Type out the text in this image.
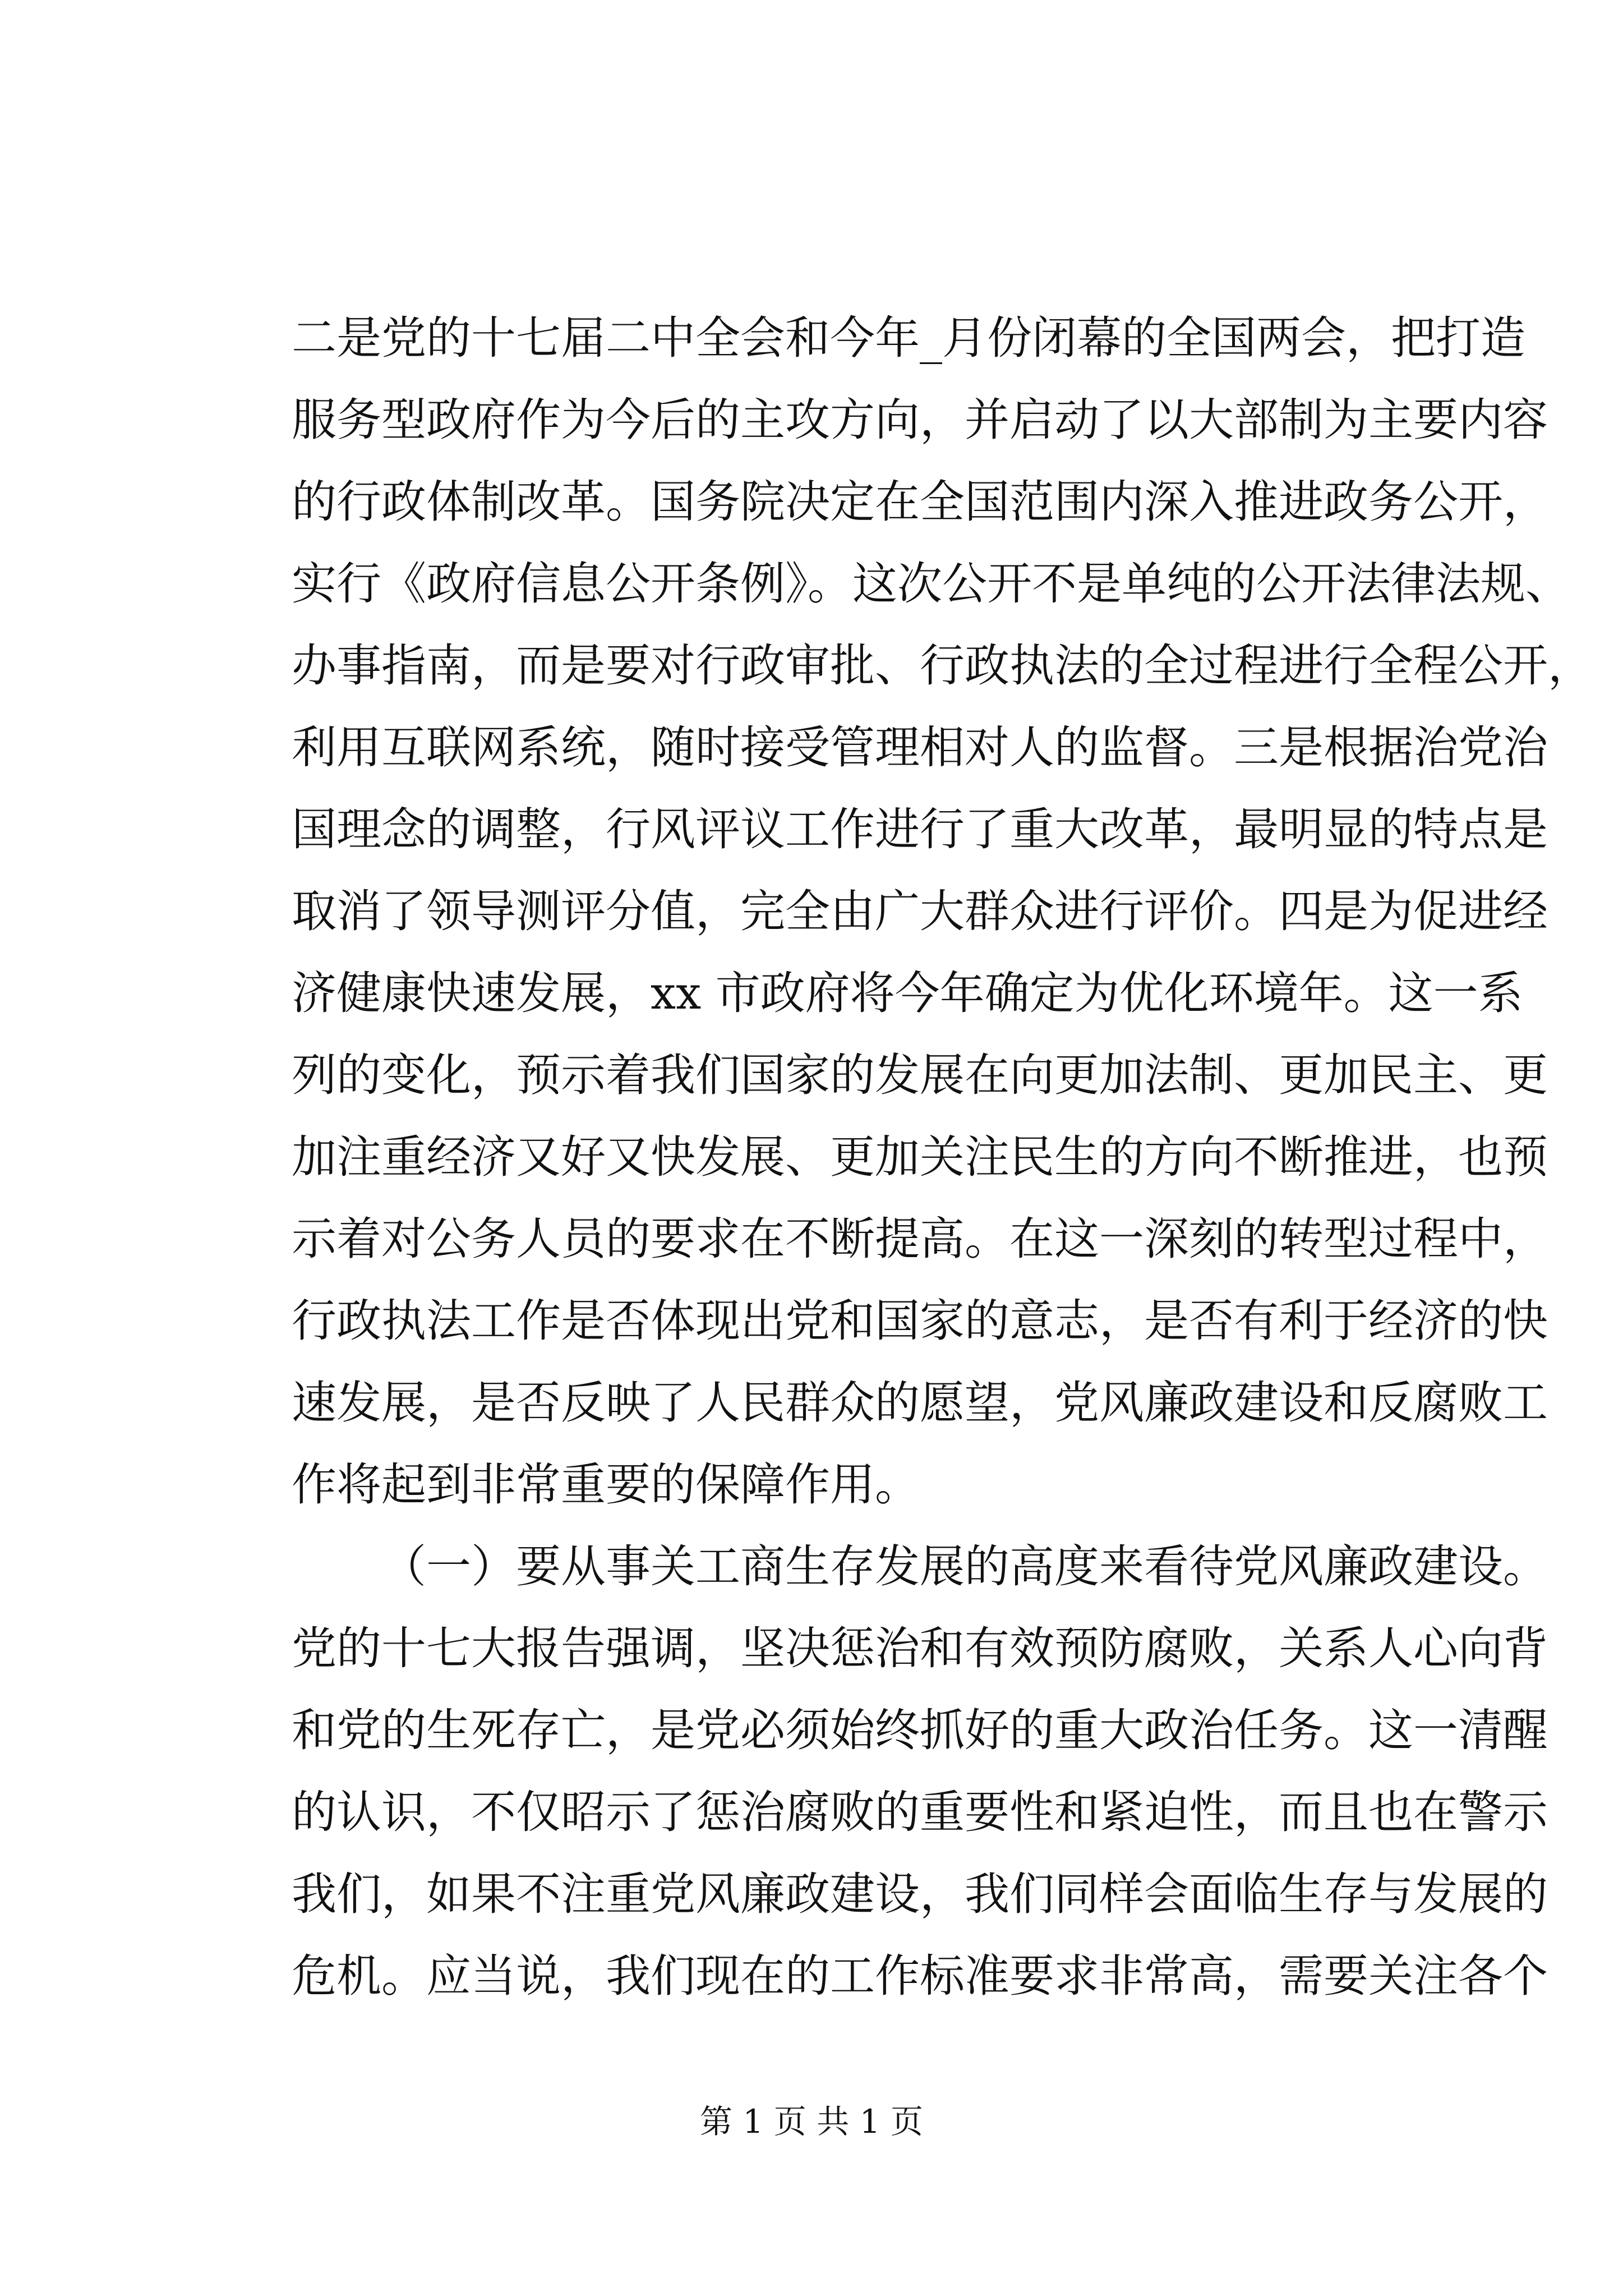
二是党的十七届二中全会和今年_月份闭幕的全国两会，把打造
服务型政府作为今后的主攻方向，并启动了以大部制为主要内容
的行政体制改革。国务院决定在全国范围内深入推进政务公开，
实行《政府信息公开条例》。这次公开不是单纯的公开法律法规、
办事指南，而是要对行政审批、行政执法的全过程进行全程公开，
利用互联网系统，随时接受管理相对人的监督。三是根据治党治
国理念的调整，行风评议工作进行了重大改革，最明显的特点是
取消了领导测评分值，完全由广大群众进行评价。四是为促进经
济健康快速发展，xx 市政府将今年确定为优化环境年。这一系
列的变化，预示着我们国家的发展在向更加法制、更加民主、更
加注重经济又好又快发展、更加关注民生的方向不断推进，也预
示着对公务人员的要求在不断提高。在这一深刻的转型过程中，
行政执法工作是否体现出党和国家的意志，是否有利于经济的快
速发展，是否反映了人民群众的愿望，党风廉政建设和反腐败工
作将起到非常重要的保障作用。
（一）要从事关工商生存发展的高度来看待党风廉政建设。
党的十七大报告强调，坚决惩治和有效预防腐败，关系人心向背
和党的生死存亡，是党必须始终抓好的重大政治任务。这一清醒
的认识，不仅昭示了惩治腐败的重要性和紧迫性，而且也在警示
我们，如果不注重党风廉政建设，我们同样会面临生存与发展的
危机。应当说，我们现在的工作标准要求非常高，需要关注各个
第 1 页 共 1 页
